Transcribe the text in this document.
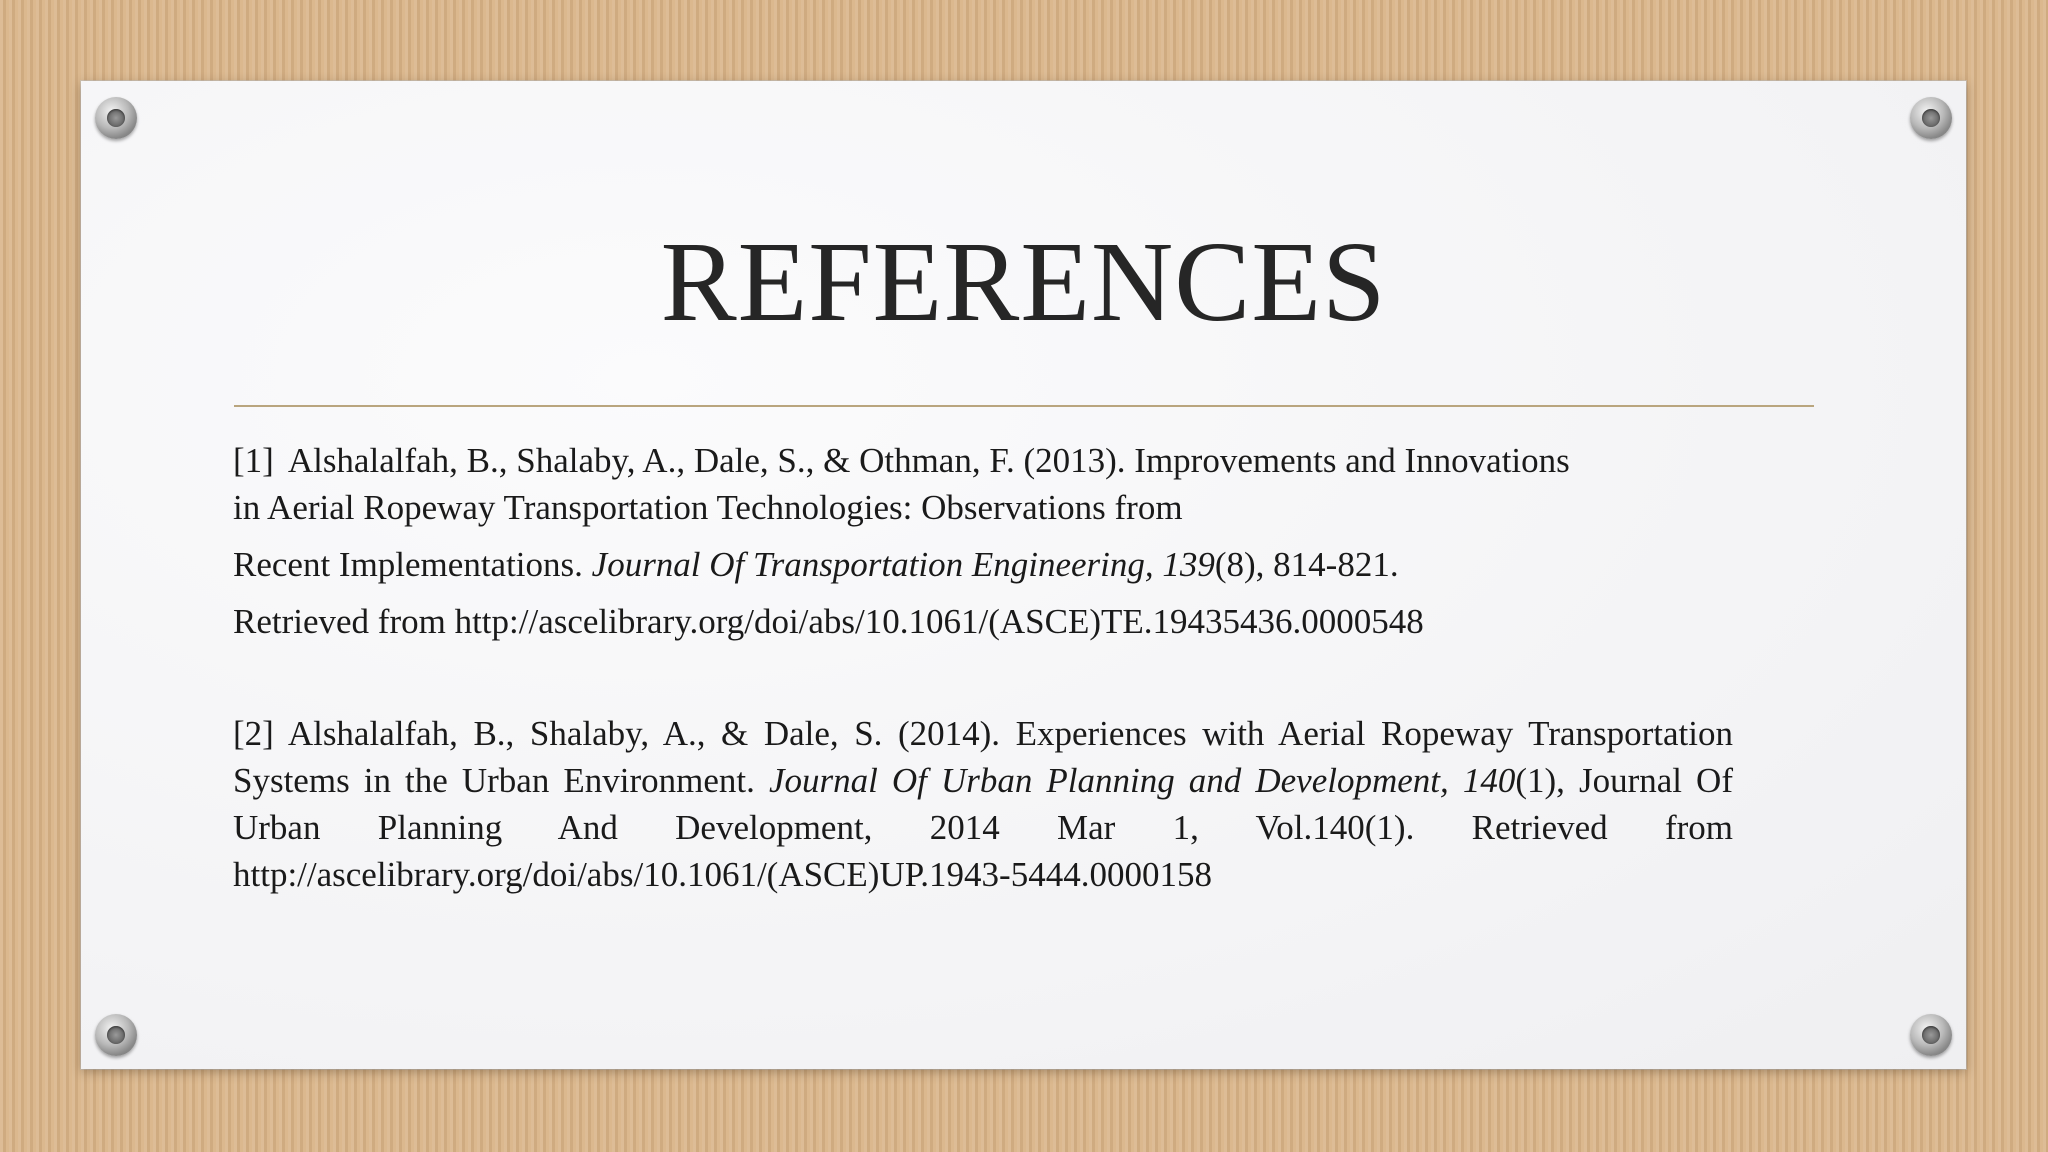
REFERENCES
[1] Alshalalfah, B., Shalaby, A., Dale, S., & Othman, F. (2013). Improvements and Innovations
in Aerial Ropeway Transportation Technologies: Observations from
Recent Implementations. Journal Of Transportation Engineering, 139(8), 814-821.
Retrieved from http://ascelibrary.org/doi/abs/10.1061/(ASCE)TE.19435436.0000548
[2] Alshalalfah, B., Shalaby, A., & Dale, S. (2014). Experiences with Aerial Ropeway Transportation Systems in the Urban Environment. Journal Of Urban Planning and Development, 140(1), Journal Of Urban Planning And Development, 2014 Mar 1, Vol.140(1). Retrieved from http://ascelibrary.org/doi/abs/10.1061/(ASCE)UP.1943-5444.0000158
